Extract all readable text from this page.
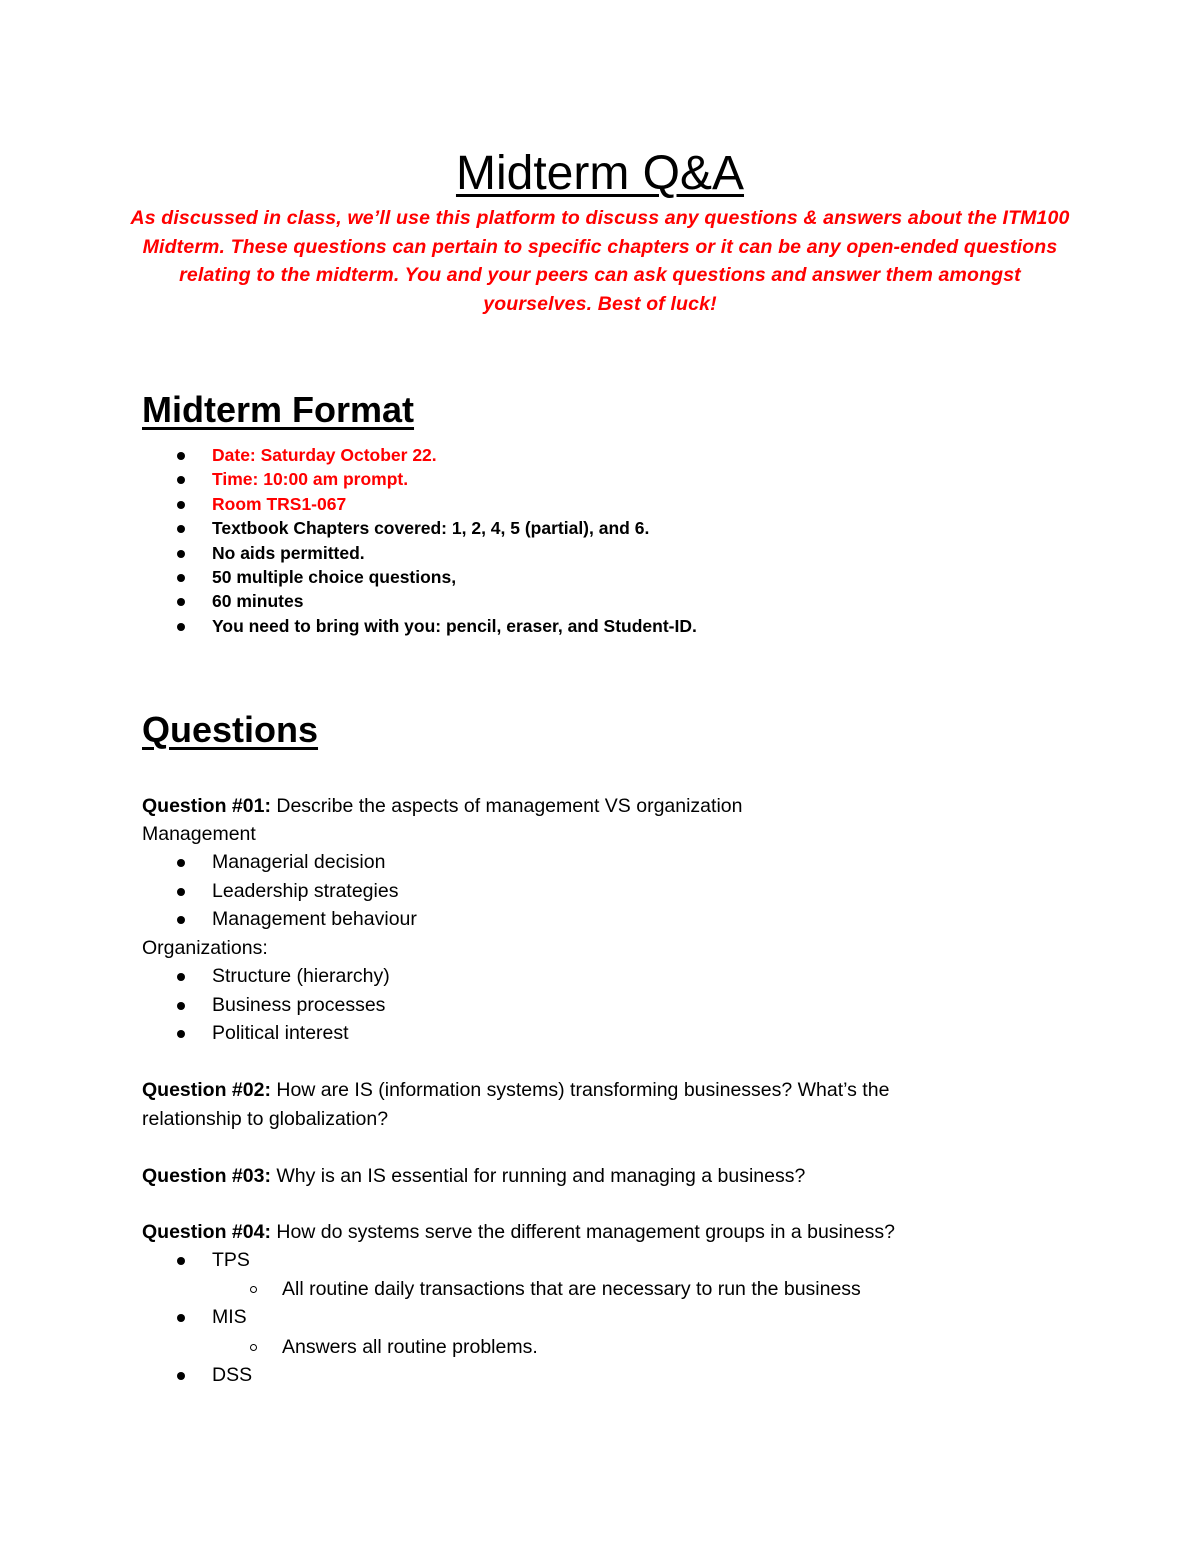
Midterm Q&A

As discussed in class, we’ll use this platform to discuss any questions & answers about the ITM100 Midterm. These questions can pertain to specific chapters or it can be any open-ended questions relating to the midterm. You and your peers can ask questions and answer them amongst yourselves. Best of luck!

Midterm Format
Date: Saturday October 22.
Time: 10:00 am prompt.
Room TRS1-067
Textbook Chapters covered: 1, 2, 4, 5 (partial), and 6.
No aids permitted.
50 multiple choice questions,
60 minutes
You need to bring with you: pencil, eraser, and Student-ID.
Questions

Question #01: Describe the aspects of management VS organization

Management

Managerial decision
Leadership strategies
Management behaviour

Organizations:

Structure (hierarchy)
Business processes
Political interest

Question #02: How are IS (information systems) transforming businesses? What’s the

relationship to globalization?

Question #03: Why is an IS essential for running and managing a business?

Question #04: How do systems serve the different management groups in a business?

TPS
All routine daily transactions that are necessary to run the business
MIS
Answers all routine problems.
DSS
